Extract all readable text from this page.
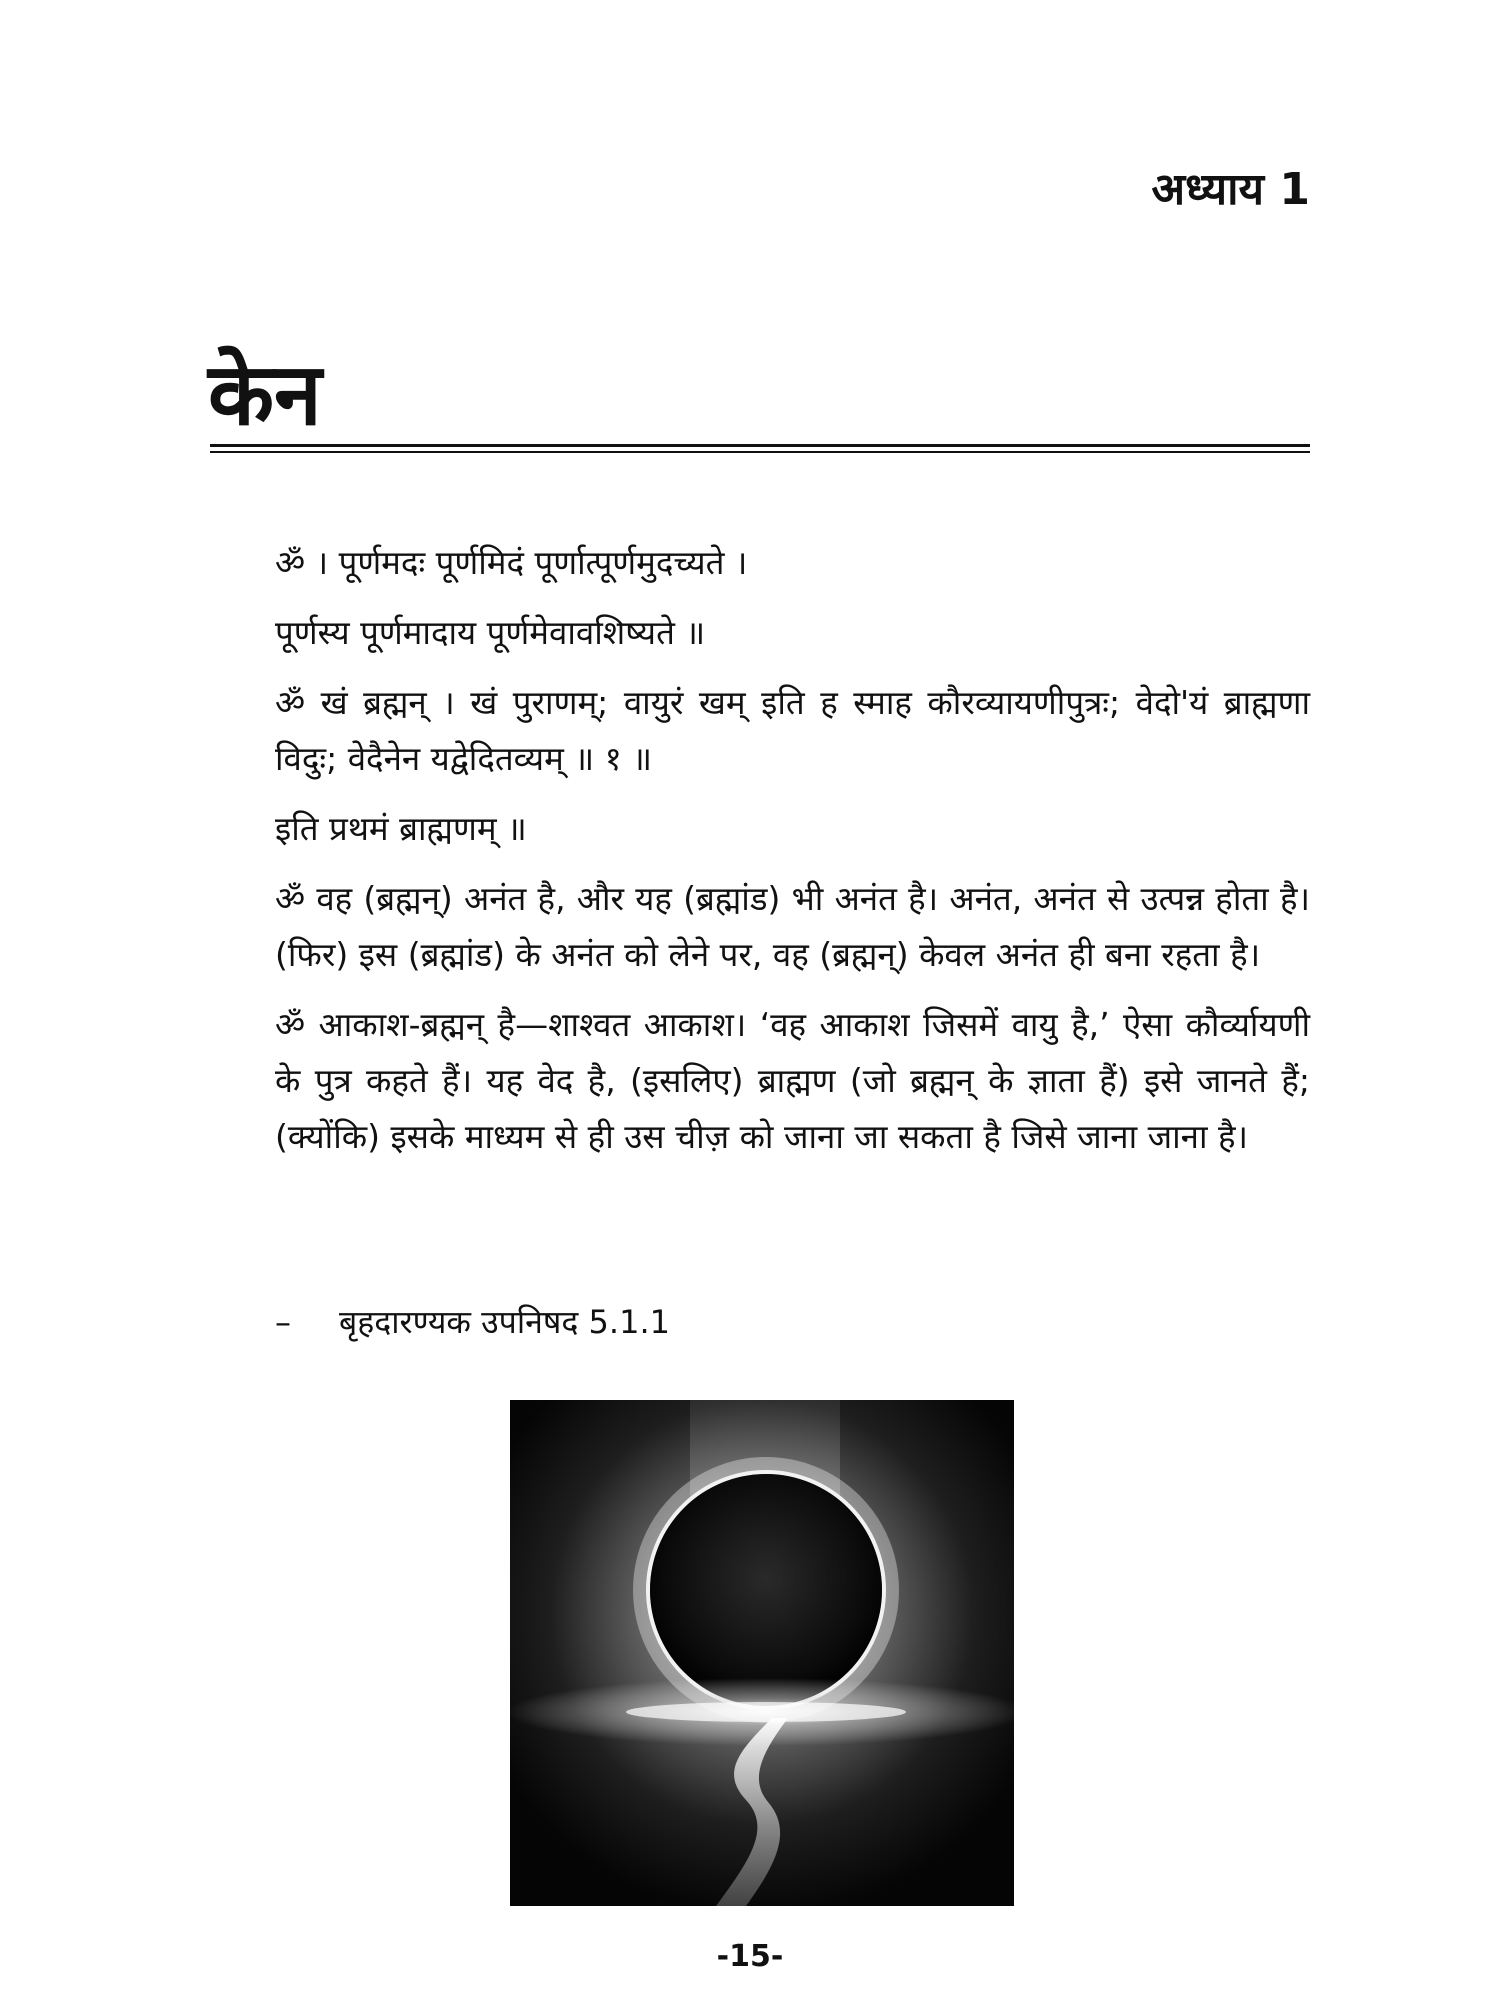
अध्याय 1
केन

ॐ । पूर्णमदः पूर्णमिदं पूर्णात्पूर्णमुदच्यते ।

पूर्णस्य पूर्णमादाय पूर्णमेवावशिष्यते ॥

ॐ खं ब्रह्मन् । खं पुराणम्; वायुरं खम् इति ह स्माह कौरव्यायणीपुत्रः; वेदो'यं ब्राह्मणा विदुः; वेदैनेन यद्वेदितव्यम् ॥ १ ॥

इति प्रथमं ब्राह्मणम् ॥

ॐ वह (ब्रह्मन्) अनंत है, और यह (ब्रह्मांड) भी अनंत है। अनंत, अनंत से उत्पन्न होता है। (फिर) इस (ब्रह्मांड) के अनंत को लेने पर, वह (ब्रह्मन्) केवल अनंत ही बना रहता है।

ॐ आकाश-ब्रह्मन् है—शाश्वत आकाश। ‘वह आकाश जिसमें वायु है,’ ऐसा कौर्व्यायणी के पुत्र कहते हैं। यह वेद है, (इसलिए) ब्राह्मण (जो ब्रह्मन् के ज्ञाता हैं) इसे जानते हैं; (क्योंकि) इसके माध्यम से ही उस चीज़ को जाना जा सकता है जिसे जाना जाना है।

– बृहदारण्यक उपनिषद 5.1.1
-15-
